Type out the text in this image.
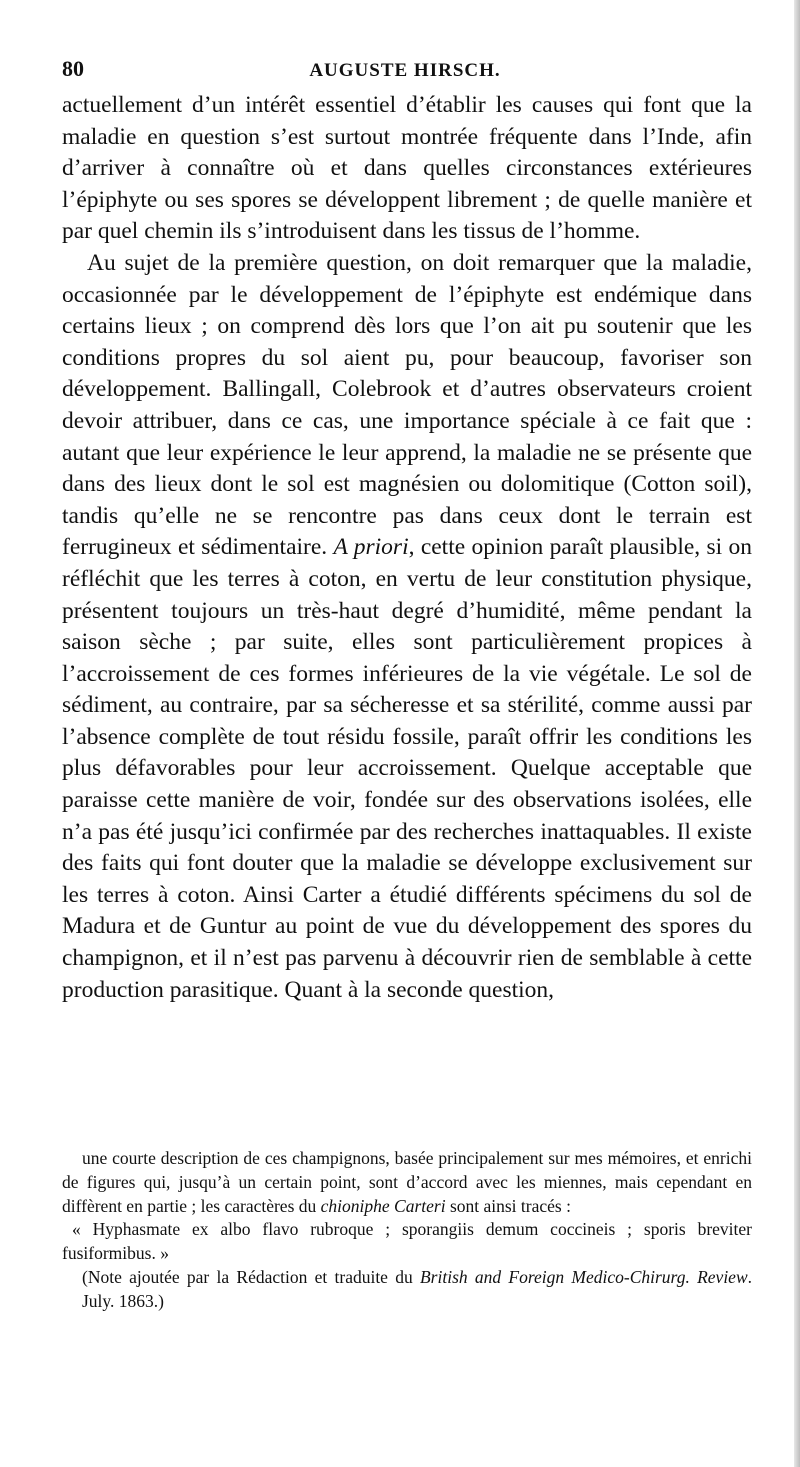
80	AUGUSTE HIRSCH.

actuellement d’un intérêt essentiel d’établir les causes qui font que la maladie en question s’est surtout montrée fréquente dans l’Inde, afin d’arriver à connaître où et dans quelles circonstances extérieures l’épiphyte ou ses spores se développent librement ; de quelle manière et par quel chemin ils s’introduisent dans les tissus de l’homme.

Au sujet de la première question, on doit remarquer que la maladie, occasionnée par le développement de l’épiphyte est endémique dans certains lieux ; on comprend dès lors que l’on ait pu soutenir que les conditions propres du sol aient pu, pour beaucoup, favoriser son développement. Ballingall, Colebrook et d’autres observateurs croient devoir attribuer, dans ce cas, une importance spéciale à ce fait que : autant que leur expérience le leur apprend, la maladie ne se présente que dans des lieux dont le sol est magnésien ou dolomitique (Cotton soil), tandis qu’elle ne se rencontre pas dans ceux dont le terrain est ferrugineux et sédimentaire. A priori, cette opinion paraît plausible, si on réfléchit que les terres à coton, en vertu de leur constitution physique, présentent toujours un très-haut degré d’humidité, même pendant la saison sèche ; par suite, elles sont particulièrement propices à l’accroissement de ces formes inférieures de la vie végétale. Le sol de sédiment, au contraire, par sa sécheresse et sa stérilité, comme aussi par l’absence complète de tout résidu fossile, paraît offrir les conditions les plus défavorables pour leur accroissement. Quelque acceptable que paraisse cette manière de voir, fondée sur des observations isolées, elle n’a pas été jusqu’ici confirmée par des recherches inattaquables. Il existe des faits qui font douter que la maladie se développe exclusivement sur les terres à coton. Ainsi Carter a étudié différents spécimens du sol de Madura et de Guntur au point de vue du développement des spores du champignon, et il n’est pas parvenu à découvrir rien de semblable à cette production parasitique. Quant à la seconde question,

une courte description de ces champignons, basée principalement sur mes mémoires, et enrichi de figures qui, jusqu’à un certain point, sont d’accord avec les miennes, mais cependant en diffèrent en partie ; les caractères du chioniphe Carteri sont ainsi tracés :

« Hyphasmate ex albo flavo rubroque ; sporangiis demum coccineis ; sporis breviter fusiformibus. »

(Note ajoutée par la Rédaction et traduite du British and Foreign Medico-Chirurg. Review. July. 1863.)
